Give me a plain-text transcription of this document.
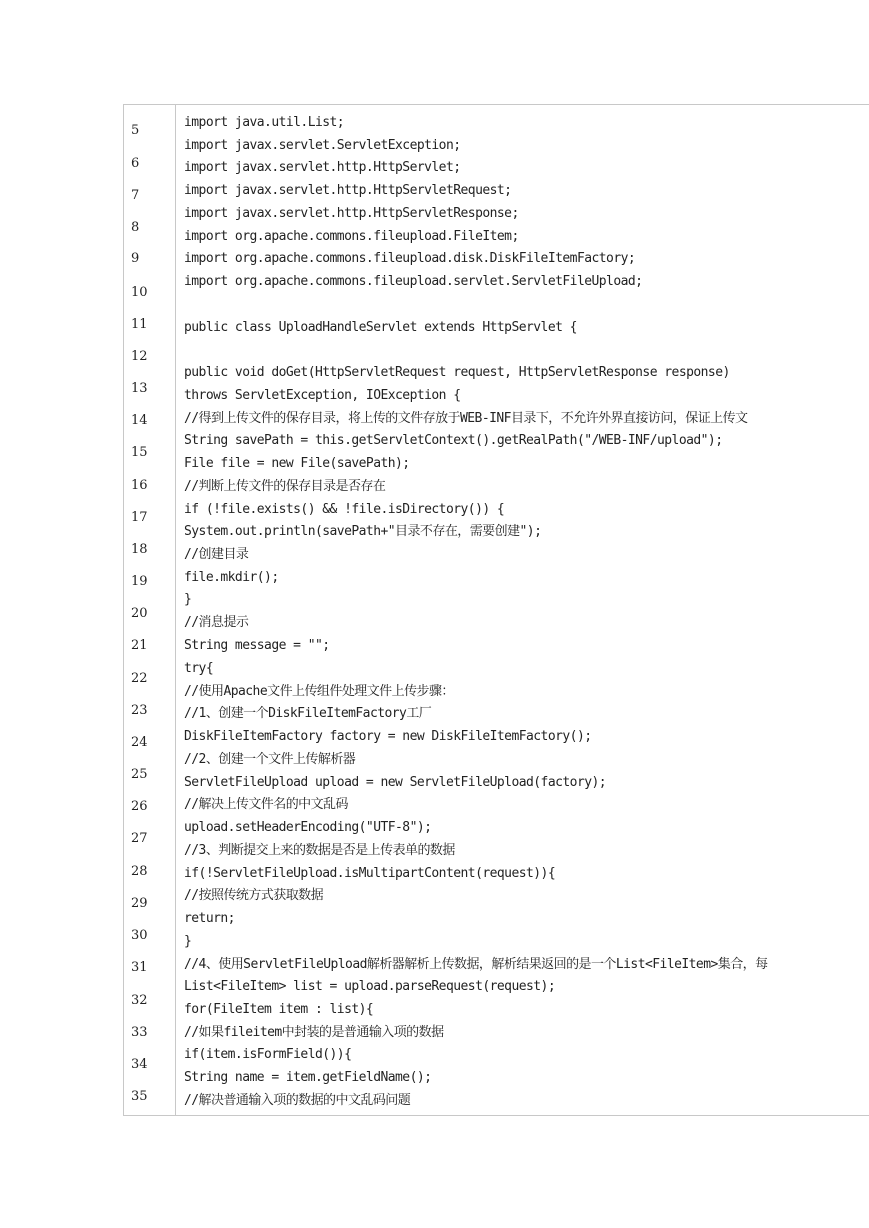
5
6
7
8
9
10
11
12
13
14
15
16
17
18
19
20
21
22
23
24
25
26
27
28
29
30
31
32
33
34
35
import java.util.List;
import javax.servlet.ServletException;
import javax.servlet.http.HttpServlet;
import javax.servlet.http.HttpServletRequest;
import javax.servlet.http.HttpServletResponse;
import org.apache.commons.fileupload.FileItem;
import org.apache.commons.fileupload.disk.DiskFileItemFactory;
import org.apache.commons.fileupload.servlet.ServletFileUpload;
public class UploadHandleServlet extends HttpServlet {
public void doGet(HttpServletRequest request, HttpServletResponse response)
throws ServletException, IOException {
//得到上传文件的保存目录，将上传的文件存放于WEB-INF目录下，不允许外界直接访问，保证上传文
String savePath = this.getServletContext().getRealPath("/WEB-INF/upload");
File file = new File(savePath);
//判断上传文件的保存目录是否存在
if (!file.exists() && !file.isDirectory()) {
System.out.println(savePath+"目录不存在，需要创建");
//创建目录
file.mkdir();
}
//消息提示
String message = "";
try{
//使用Apache文件上传组件处理文件上传步骤：
//1、创建一个DiskFileItemFactory工厂
DiskFileItemFactory factory = new DiskFileItemFactory();
//2、创建一个文件上传解析器
ServletFileUpload upload = new ServletFileUpload(factory);
//解决上传文件名的中文乱码
upload.setHeaderEncoding("UTF-8");
//3、判断提交上来的数据是否是上传表单的数据
if(!ServletFileUpload.isMultipartContent(request)){
//按照传统方式获取数据
return;
}
//4、使用ServletFileUpload解析器解析上传数据，解析结果返回的是一个List<FileItem>集合，每
List<FileItem> list = upload.parseRequest(request);
for(FileItem item : list){
//如果fileitem中封装的是普通输入项的数据
if(item.isFormField()){
String name = item.getFieldName();
//解决普通输入项的数据的中文乱码问题
